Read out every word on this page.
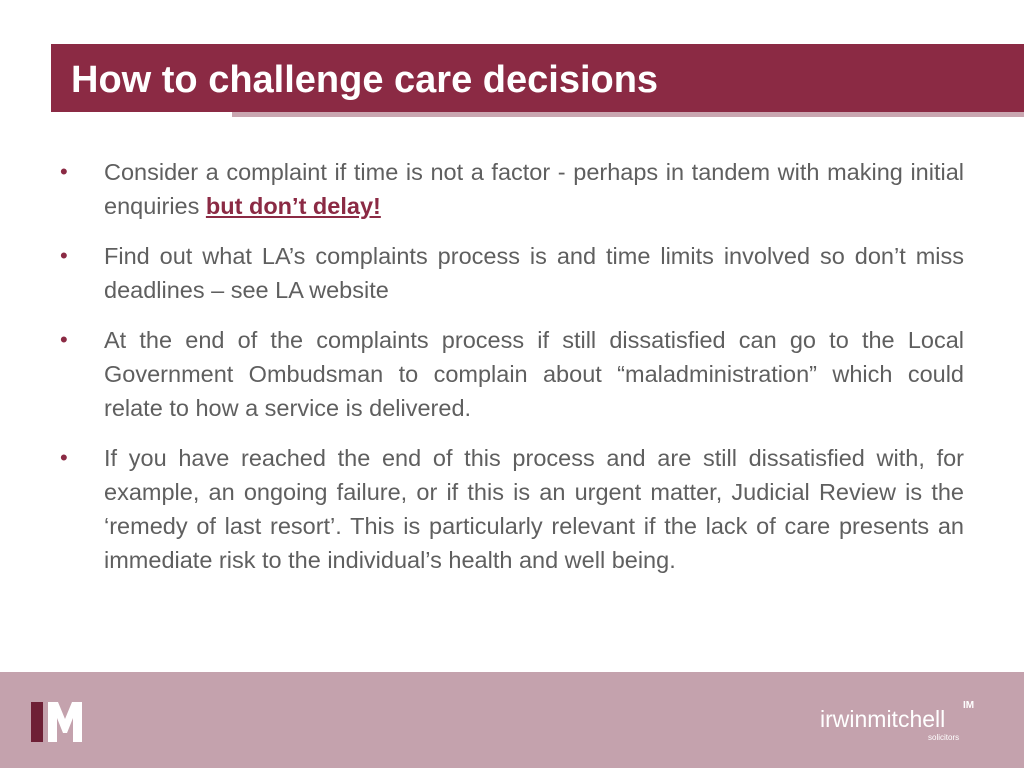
How to challenge care decisions
• Consider a complaint if time is not a factor - perhaps in tandem with making initial enquiries but don’t delay!
• Find out what LA’s complaints process is and time limits involved so don’t miss deadlines – see LA website
• At the end of the complaints process if still dissatisfied can go to the Local Government Ombudsman to complain about “maladministration” which could relate to how a service is delivered.
• If you have reached the end of this process and are still dissatisfied with, for example, an ongoing failure, or if this is an urgent matter, Judicial Review is the ‘remedy of last resort’. This is particularly relevant if the lack of care presents an immediate risk to the individual’s health and well being.
irwinmitchell
solicitors
IM
